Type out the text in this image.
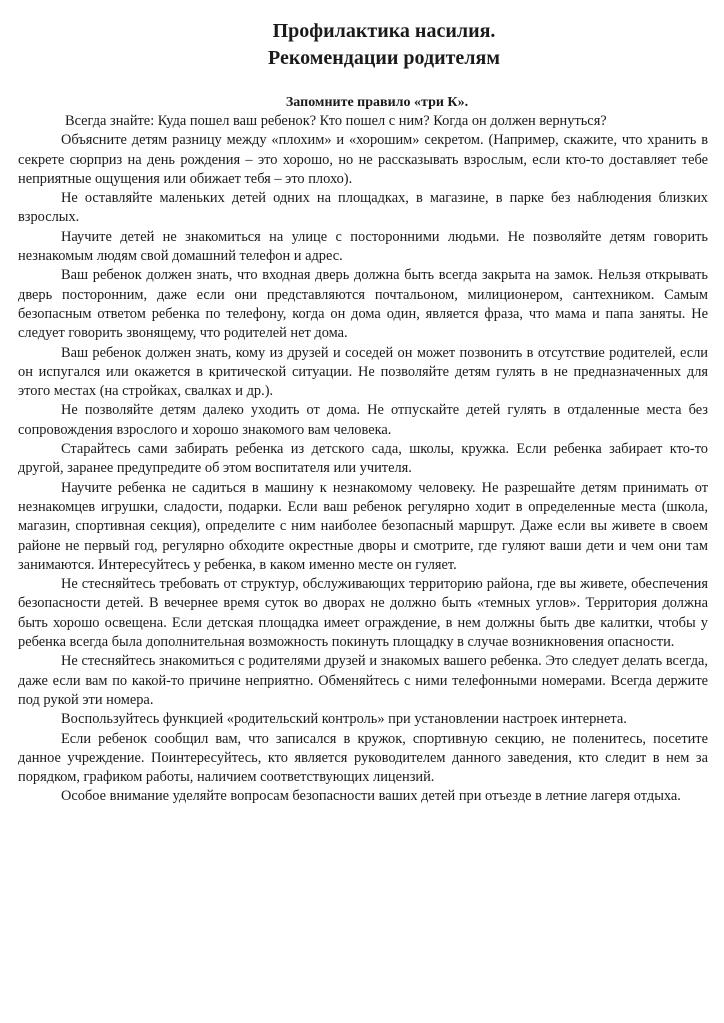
Профилактика насилия.
Рекомендации родителям
Запомните правило «три К».

Всегда знайте: Куда пошел ваш ребенок? Кто пошел с ним? Когда он должен вернуться?

Объясните детям разницу между «плохим» и «хорошим» секретом. (Например, скажите, что хранить в секрете сюрприз на день рождения – это хорошо, но не рассказывать взрослым, если кто-то доставляет тебе неприятные ощущения или обижает тебя – это плохо).

Не оставляйте маленьких детей одних на площадках, в магазине, в парке без наблюдения близких взрослых.

Научите детей не знакомиться на улице с посторонними людьми. Не позволяйте детям говорить незнакомым людям свой домашний телефон и адрес.

Ваш ребенок должен знать, что входная дверь должна быть всегда закрыта на замок. Нельзя открывать дверь посторонним, даже если они представляются почтальоном, милиционером, сантехником. Самым безопасным ответом ребенка по телефону, когда он дома один, является фраза, что мама и папа заняты. Не следует говорить звонящему, что родителей нет дома.

Ваш ребенок должен знать, кому из друзей и соседей он может позвонить в отсутствие родителей, если он испугался или окажется в критической ситуации. Не позволяйте детям гулять в не предназначенных для этого местах (на стройках, свалках и др.).

Не позволяйте детям далеко уходить от дома. Не отпускайте детей гулять в отдаленные места без сопровождения взрослого и хорошо знакомого вам человека.

Старайтесь сами забирать ребенка из детского сада, школы, кружка. Если ребенка забирает кто-то другой, заранее предупредите об этом воспитателя или учителя.

Научите ребенка не садиться в машину к незнакомому человеку. Не разрешайте детям принимать от незнакомцев игрушки, сладости, подарки. Если ваш ребенок регулярно ходит в определенные места (школа, магазин, спортивная секция), определите с ним наиболее безопасный маршрут. Даже если вы живете в своем районе не первый год, регулярно обходите окрестные дворы и смотрите, где гуляют ваши дети и чем они там занимаются. Интересуйтесь у ребенка, в каком именно месте он гуляет.

Не стесняйтесь требовать от структур, обслуживающих территорию района, где вы живете, обеспечения безопасности детей. В вечернее время суток во дворах не должно быть «темных углов». Территория должна быть хорошо освещена. Если детская площадка имеет ограждение, в нем должны быть две калитки, чтобы у ребенка всегда была дополнительная возможность покинуть площадку в случае возникновения опасности.

Не стесняйтесь знакомиться с родителями друзей и знакомых вашего ребенка. Это следует делать всегда, даже если вам по какой-то причине неприятно. Обменяйтесь с ними телефонными номерами. Всегда держите под рукой эти номера.

Воспользуйтесь функцией «родительский контроль» при установлении настроек интернета.

Если ребенок сообщил вам, что записался в кружок, спортивную секцию, не поленитесь, посетите данное учреждение. Поинтересуйтесь, кто является руководителем данного заведения, кто следит в нем за порядком, графиком работы, наличием соответствующих лицензий.

Особое внимание уделяйте вопросам безопасности ваших детей при отъезде в летние лагеря отдыха.
